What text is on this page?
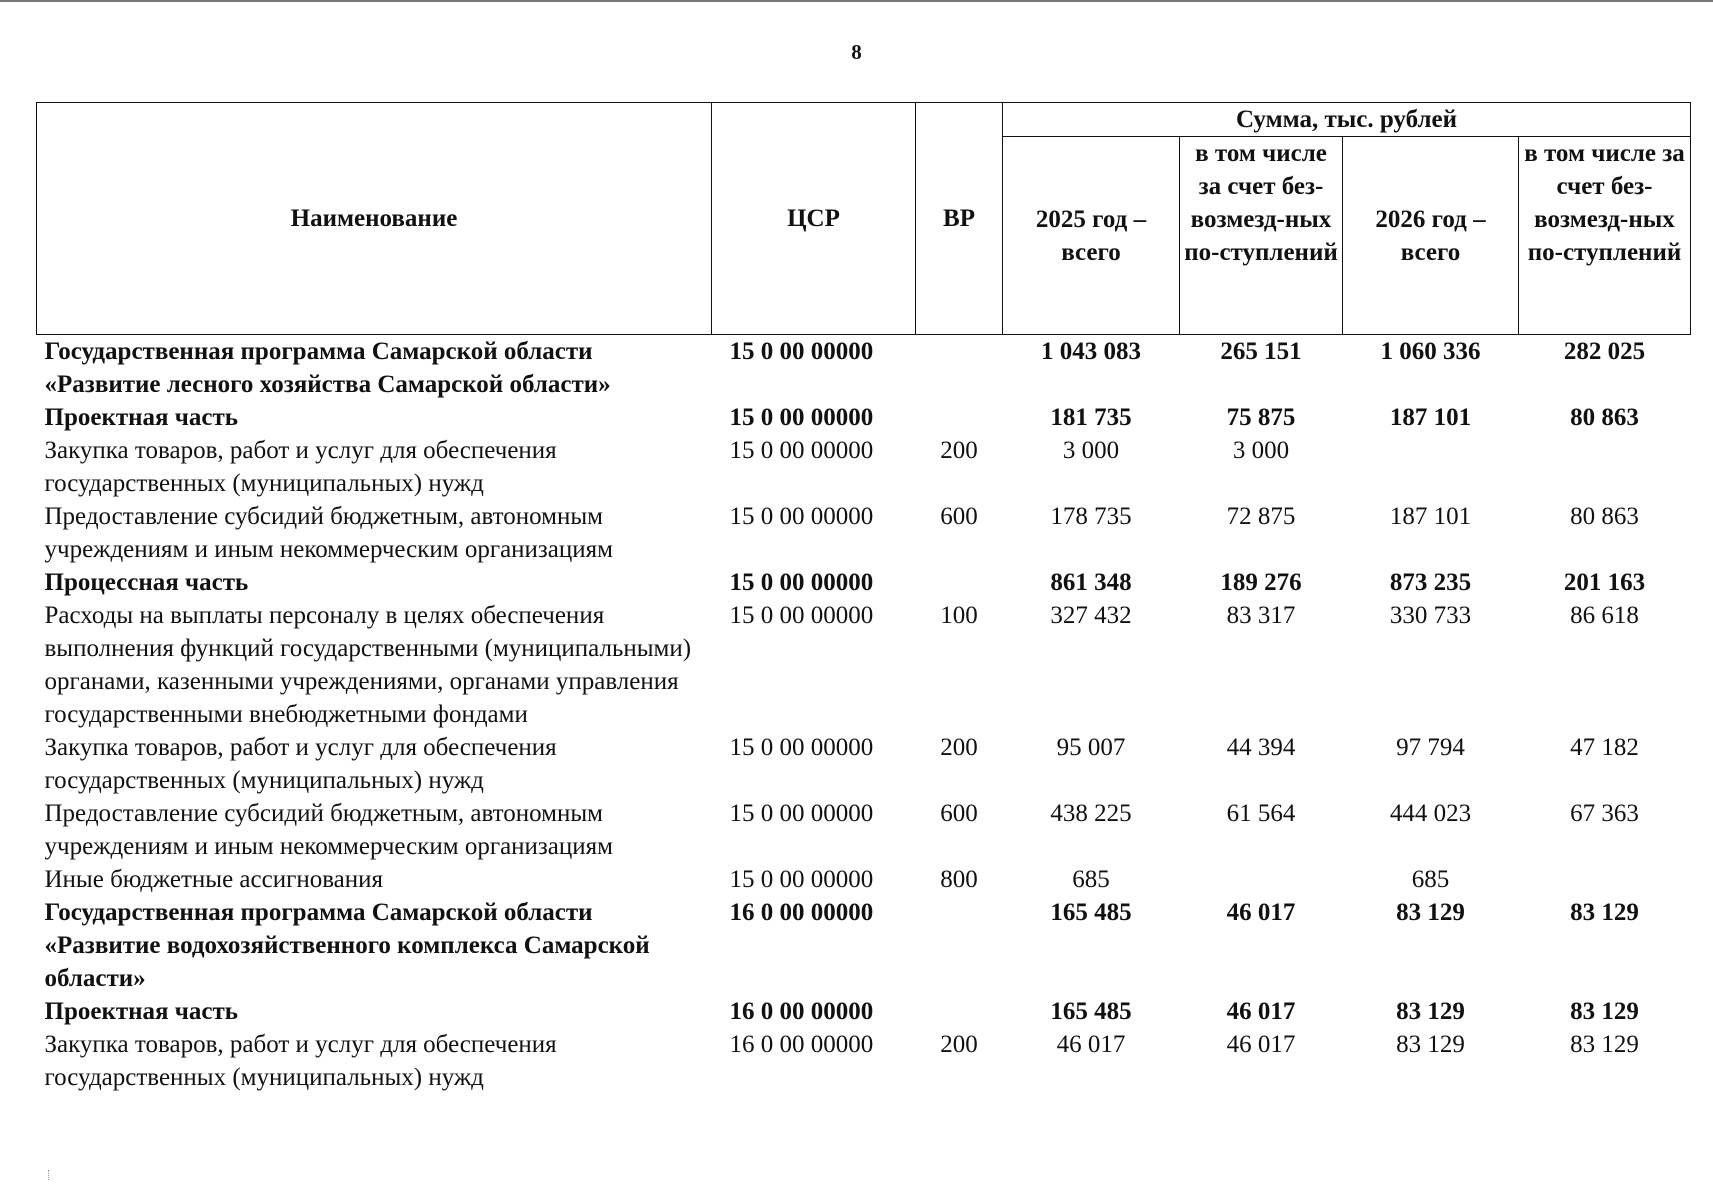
8
Наименование	ЦСР	ВР	Сумма, тыс. рублей			
			2025 год – всего	в том числе за счет без-возмезд-ных по-ступлений	2026 год – всего	в том числе за счет без-возмезд-ных по-ступлений
Государственная программа Самарской области «Развитие лесного хозяйства Самарской области»	15 0 00 00000		1 043 083	265 151	1 060 336	282 025
Проектная часть	15 0 00 00000		181 735	75 875	187 101	80 863
Закупка товаров, работ и услуг для обеспечения государственных (муниципальных) нужд	15 0 00 00000	200	3 000	3 000		
Предоставление субсидий бюджетным, автономным учреждениям и иным некоммерческим организациям	15 0 00 00000	600	178 735	72 875	187 101	80 863
Процессная часть	15 0 00 00000		861 348	189 276	873 235	201 163
Расходы на выплаты персоналу в целях обеспечения выполнения функций государственными (муниципальными) органами, казенными учреждениями, органами управления государственными внебюджетными фондами	15 0 00 00000	100	327 432	83 317	330 733	86 618
Закупка товаров, работ и услуг для обеспечения государственных (муниципальных) нужд	15 0 00 00000	200	95 007	44 394	97 794	47 182
Предоставление субсидий бюджетным, автономным учреждениям и иным некоммерческим организациям	15 0 00 00000	600	438 225	61 564	444 023	67 363
Иные бюджетные ассигнования	15 0 00 00000	800	685		685	
Государственная программа Самарской области «Развитие водохозяйственного комплекса Самарской области»	16 0 00 00000		165 485	46 017	83 129	83 129
Проектная часть	16 0 00 00000		165 485	46 017	83 129	83 129
Закупка товаров, работ и услуг для обеспечения государственных (муниципальных) нужд	16 0 00 00000	200	46 017	46 017	83 129	83 129
